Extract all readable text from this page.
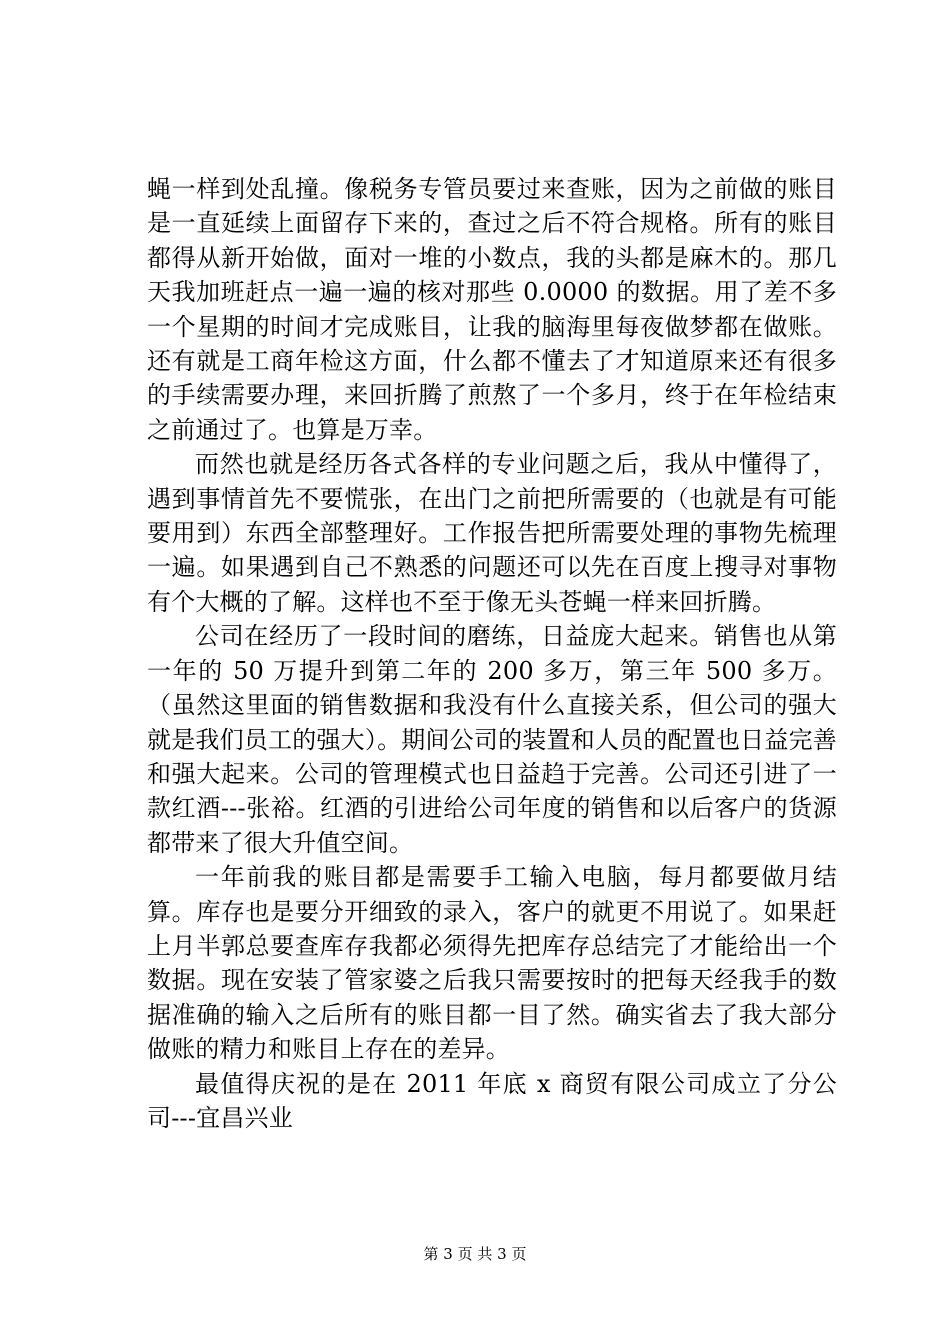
蝇一样到处乱撞。像税务专管员要过来查账，因为之前做的账目是一直延续上面留存下来的，查过之后不符合规格。所有的账目都得从新开始做，面对一堆的小数点，我的头都是麻木的。那几天我加班赶点一遍一遍的核对那些 0.0000 的数据。用了差不多一个星期的时间才完成账目，让我的脑海里每夜做梦都在做账。还有就是工商年检这方面，什么都不懂去了才知道原来还有很多的手续需要办理，来回折腾了煎熬了一个多月，终于在年检结束之前通过了。也算是万幸。

而然也就是经历各式各样的专业问题之后，我从中懂得了，遇到事情首先不要慌张，在出门之前把所需要的（也就是有可能要用到）东西全部整理好。工作报告把所需要处理的事物先梳理一遍。如果遇到自己不熟悉的问题还可以先在百度上搜寻对事物有个大概的了解。这样也不至于像无头苍蝇一样来回折腾。

公司在经历了一段时间的磨练，日益庞大起来。销售也从第一年的 50 万提升到第二年的 200 多万，第三年 500 多万。（虽然这里面的销售数据和我没有什么直接关系，但公司的强大就是我们员工的强大）。期间公司的装置和人员的配置也日益完善和强大起来。公司的管理模式也日益趋于完善。公司还引进了一款红酒---张裕。红酒的引进给公司年度的销售和以后客户的货源都带来了很大升值空间。

一年前我的账目都是需要手工输入电脑，每月都要做月结算。库存也是要分开细致的录入，客户的就更不用说了。如果赶上月半郭总要查库存我都必须得先把库存总结完了才能给出一个数据。现在安装了管家婆之后我只需要按时的把每天经我手的数据准确的输入之后所有的账目都一目了然。确实省去了我大部分做账的精力和账目上存在的差异。

最值得庆祝的是在 2011 年底 x 商贸有限公司成立了分公司---宜昌兴业

第 3 页 共 3 页
